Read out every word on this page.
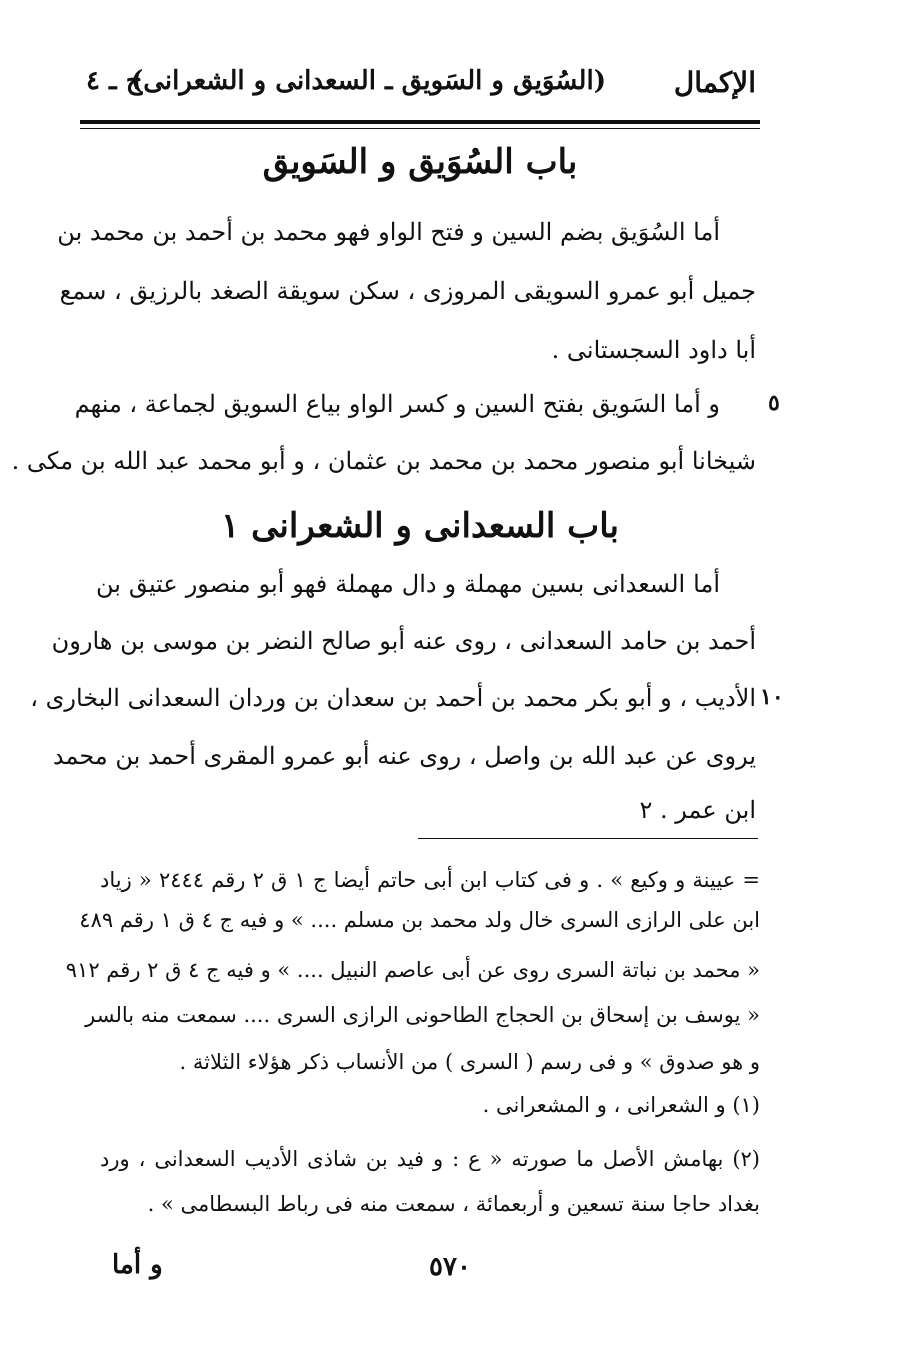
الإكمال
(السُوَيق و السَويق ـ السعدانى و الشعرانى)
ج ـ ٤
باب السُوَيق و السَويق
أما السُوَيق بضم السين و فتح الواو فهو محمد بن أحمد بن محمد بن
جميل أبو عمرو السويقى المروزى ، سكن سويقة الصغد بالرزيق ، سمع
أبا داود السجستانى .
و أما السَويق بفتح السين و كسر الواو بياع السويق لجماعة ، منهم ٥
شيخانا أبو منصور محمد بن محمد بن عثمان ، و أبو محمد عبد الله بن مكى .
باب السعدانى و الشعرانى ١
أما السعدانى بسين مهملة و دال مهملة فهو أبو منصور عتيق بن
أحمد بن حامد السعدانى ، روى عنه أبو صالح النضر بن موسى بن هارون
الأديب ، و أبو بكر محمد بن أحمد بن سعدان بن وردان السعدانى البخارى ، ١٠
يروى عن عبد الله بن واصل ، روى عنه أبو عمرو المقرى أحمد بن محمد
ابن عمر . ٢
= عيينة و وكيع » . و فى كتاب ابن أبى حاتم أيضا ج ١ ق ٢ رقم ٢٤٤٤ « زياد
ابن على الرازى السرى خال ولد محمد بن مسلم .... » و فيه ج ٤ ق ١ رقم ٤٨٩
« محمد بن نباتة السرى روى عن أبى عاصم النبيل .... » و فيه ج ٤ ق ٢ رقم ٩١٢
« يوسف بن إسحاق بن الحجاج الطاحونى الرازى السرى .... سمعت منه بالسر
و هو صدوق » و فى رسم ( السرى ) من الأنساب ذكر هؤلاء الثلاثة .
(١) و الشعرانى ، و المشعرانى .
(٢) بهامش الأصل ما صورته « ع : و فيد بن شاذى الأديب السعدانى ، ورد
بغداد حاجا سنة تسعين و أربعمائة ، سمعت منه فى رباط البسطامى » .
٥٧٠
و أما
